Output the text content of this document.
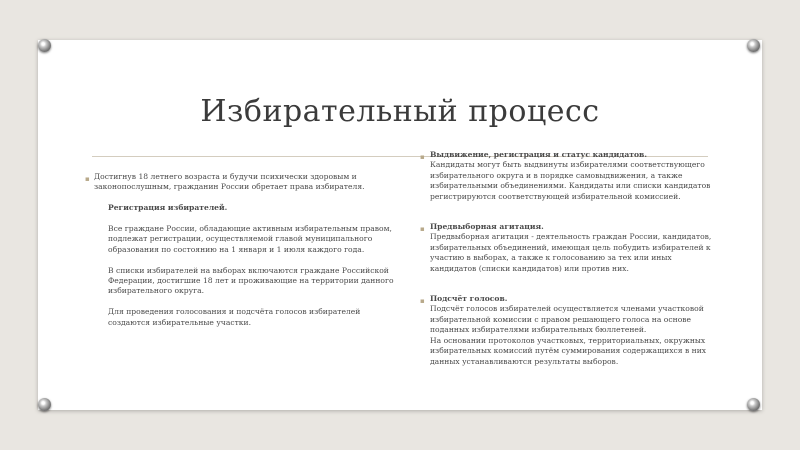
Избирательный процесс
▪ Достигнув 18 летнего возраста и будучи психически здоровым и законопослушным, гражданин России обретает права избирателя.

Регистрация избирателей.

Все граждане России, обладающие активным избирательным правом, подлежат регистрации, осуществляемой главой муниципального образования по состоянию на 1 января и 1 июля каждого года.

В списки избирателей на выборах включаются граждане Российской Федерации, достигшие 18 лет и проживающие на территории данного избирательного округа.

Для проведения голосования и подсчёта голосов избирателей создаются избирательные участки.

▪ Выдвижение, регистрация и статус кандидатов.

Кандидаты могут быть выдвинуты избирателями соответствующего избирательного округа и в порядке самовыдвижения, а также избирательными объединениями. Кандидаты или списки кандидатов регистрируются соответствующей избирательной комиссией.

▪ Предвыборная агитация.

Предвыборная агитация - деятельность граждан России, кандидатов, избирательных объединений, имеющая цель побудить избирателей к участию в выборах, а также к голосованию за тех или иных кандидатов (списки кандидатов) или против них.

▪ Подсчёт голосов.

Подсчёт голосов избирателей осуществляется членами участковой избирательной комиссии с правом решающего голоса на основе поданных избирателями избирательных бюллетеней.
На основании протоколов участковых, территориальных, окружных избирательных комиссий путём суммирования содержащихся в них данных устанавливаются результаты выборов.
